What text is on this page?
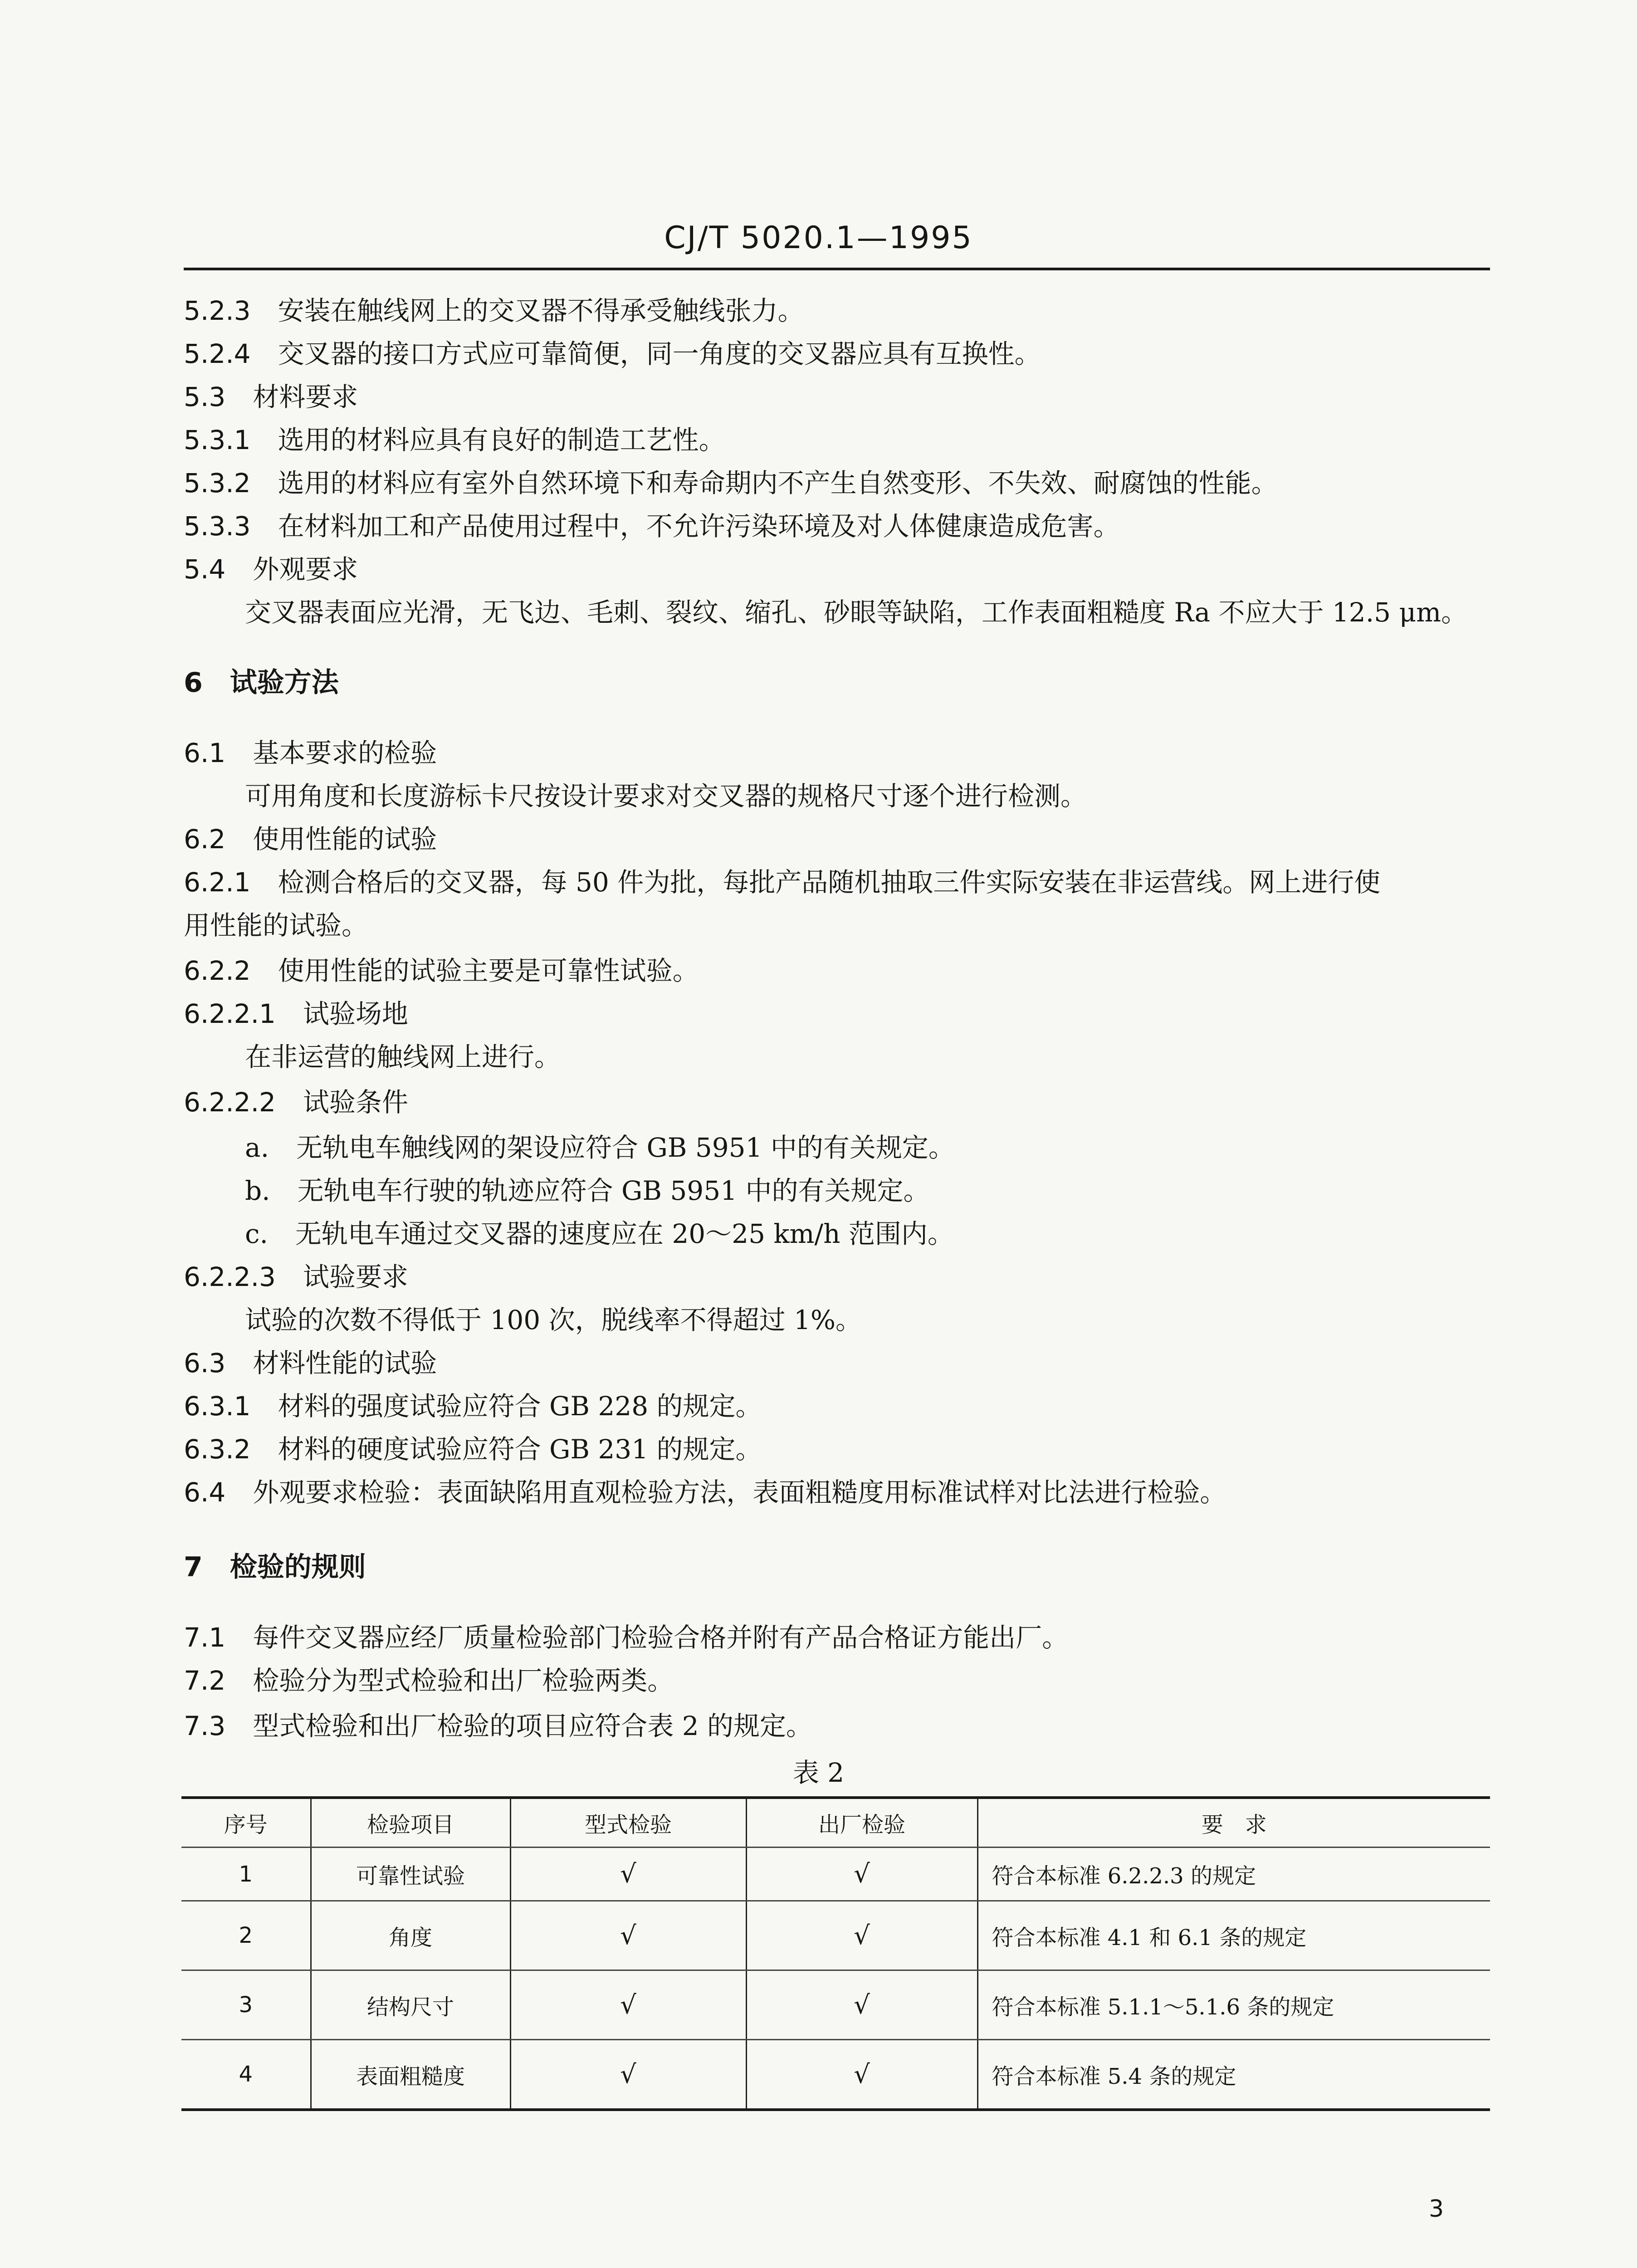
CJ/T 5020.1—1995
5.2.3 安装在触线网上的交叉器不得承受触线张力。
5.2.4 交叉器的接口方式应可靠简便，同一角度的交叉器应具有互换性。
5.3 材料要求
5.3.1 选用的材料应具有良好的制造工艺性。
5.3.2 选用的材料应有室外自然环境下和寿命期内不产生自然变形、不失效、耐腐蚀的性能。
5.3.3 在材料加工和产品使用过程中，不允许污染环境及对人体健康造成危害。
5.4 外观要求
交叉器表面应光滑，无飞边、毛刺、裂纹、缩孔、砂眼等缺陷，工作表面粗糙度 Ra 不应大于 12.5 μm。
6 试验方法
6.1 基本要求的检验
可用角度和长度游标卡尺按设计要求对交叉器的规格尺寸逐个进行检测。
6.2 使用性能的试验
6.2.1 检测合格后的交叉器，每 50 件为批，每批产品随机抽取三件实际安装在非运营线。网上进行使
用性能的试验。
6.2.2 使用性能的试验主要是可靠性试验。
6.2.2.1 试验场地
在非运营的触线网上进行。
6.2.2.2 试验条件
a. 无轨电车触线网的架设应符合 GB 5951 中的有关规定。
b. 无轨电车行驶的轨迹应符合 GB 5951 中的有关规定。
c. 无轨电车通过交叉器的速度应在 20～25 km/h 范围内。
6.2.2.3 试验要求
试验的次数不得低于 100 次，脱线率不得超过 1%。
6.3 材料性能的试验
6.3.1 材料的强度试验应符合 GB 228 的规定。
6.3.2 材料的硬度试验应符合 GB 231 的规定。
6.4 外观要求检验：表面缺陷用直观检验方法，表面粗糙度用标准试样对比法进行检验。
7 检验的规则
7.1 每件交叉器应经厂质量检验部门检验合格并附有产品合格证方能出厂。
7.2 检验分为型式检验和出厂检验两类。
7.3 型式检验和出厂检验的项目应符合表 2 的规定。
表 2
序号	检验项目	型式检验	出厂检验	要　求
1	可靠性试验	√	√	符合本标准 6.2.2.3 的规定
2	角度	√	√	符合本标准 4.1 和 6.1 条的规定
3	结构尺寸	√	√	符合本标准 5.1.1～5.1.6 条的规定
4	表面粗糙度	√	√	符合本标准 5.4 条的规定
3
